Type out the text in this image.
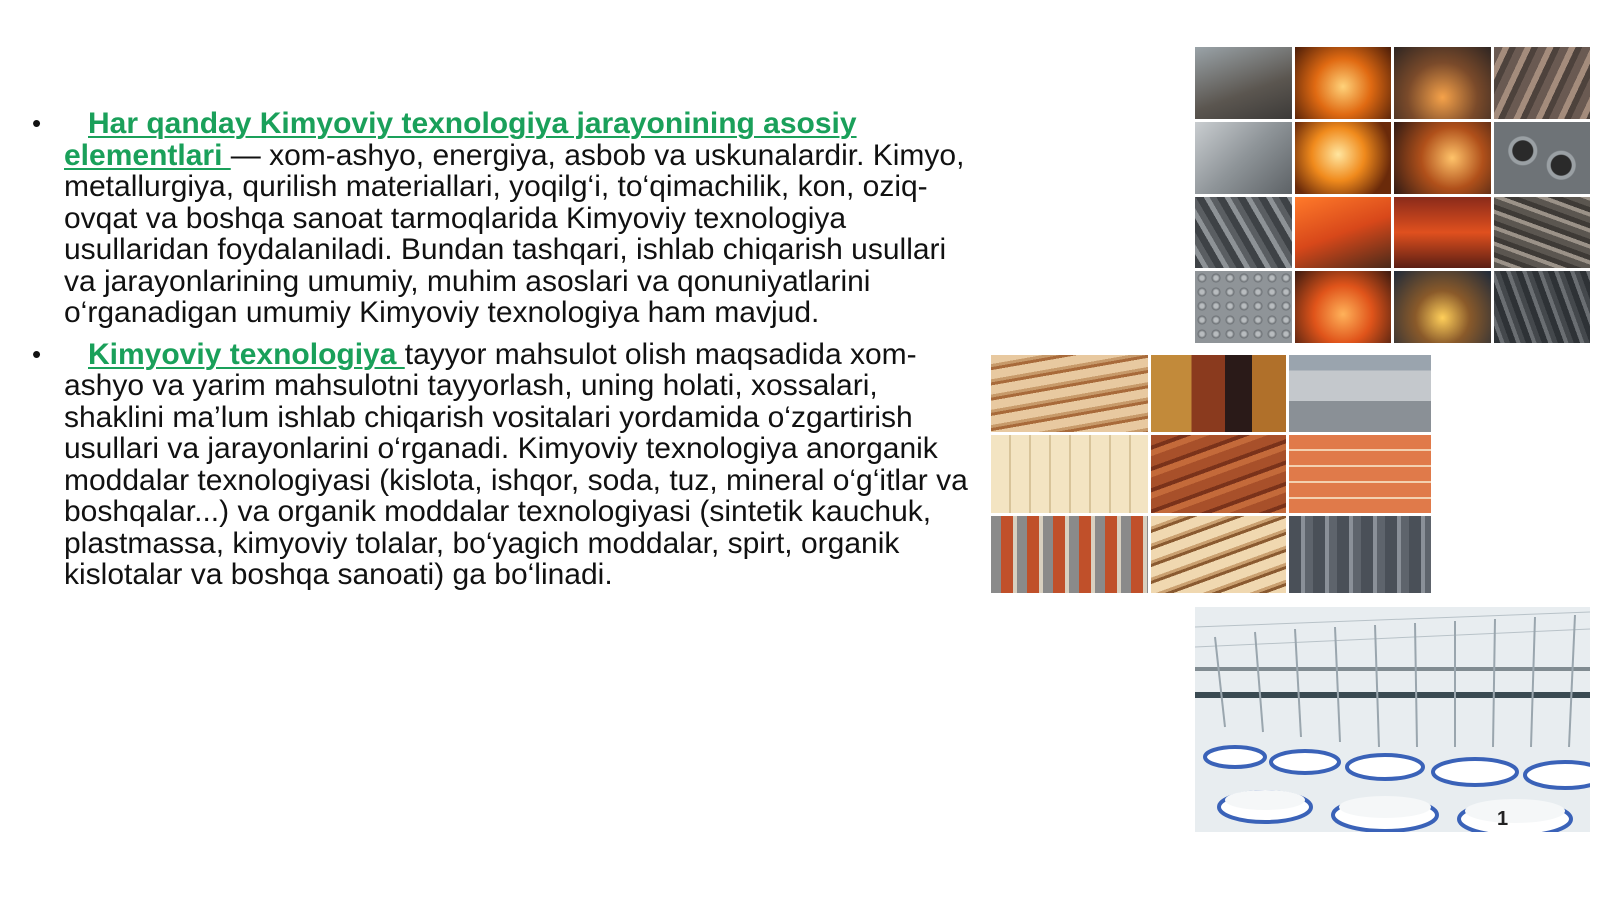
• Har qanday Kimyoviy texnologiya jarayonining asosiy elementlari — xom-ashyo, energiya, asbob va uskunalardir. Kimyo, metallurgiya, qurilish materiallari, yoqilg‘i, to‘qimachilik, kon, oziq-ovqat va boshqa sanoat tarmoqlarida Kimyoviy texnologiya usullaridan foydalaniladi. Bundan tashqari, ishlab chiqarish usullari va jarayonlarining umumiy, muhim asoslari va qonuniyatlarini o‘rganadigan umumiy Kimyoviy texnologiya ham mavjud.
• Kimyoviy texnologiya tayyor mahsulot olish maqsadida xom-ashyo va yarim mahsulotni tayyorlash, uning holati, xossalari, shaklini ma’lum ishlab chiqarish vositalari yordamida o‘zgartirish usullari va jarayonlarini o‘rganadi. Kimyoviy texnologiya anorganik moddalar texnologiyasi (kislota, ishqor, soda, tuz, mineral o‘g‘itlar va boshqalar...) va organik moddalar texnologiyasi (sintetik kauchuk, plastmassa, kimyoviy tolalar, bo‘yagich moddalar, spirt, organik kislotalar va boshqa sanoati) ga bo‘linadi.
1
